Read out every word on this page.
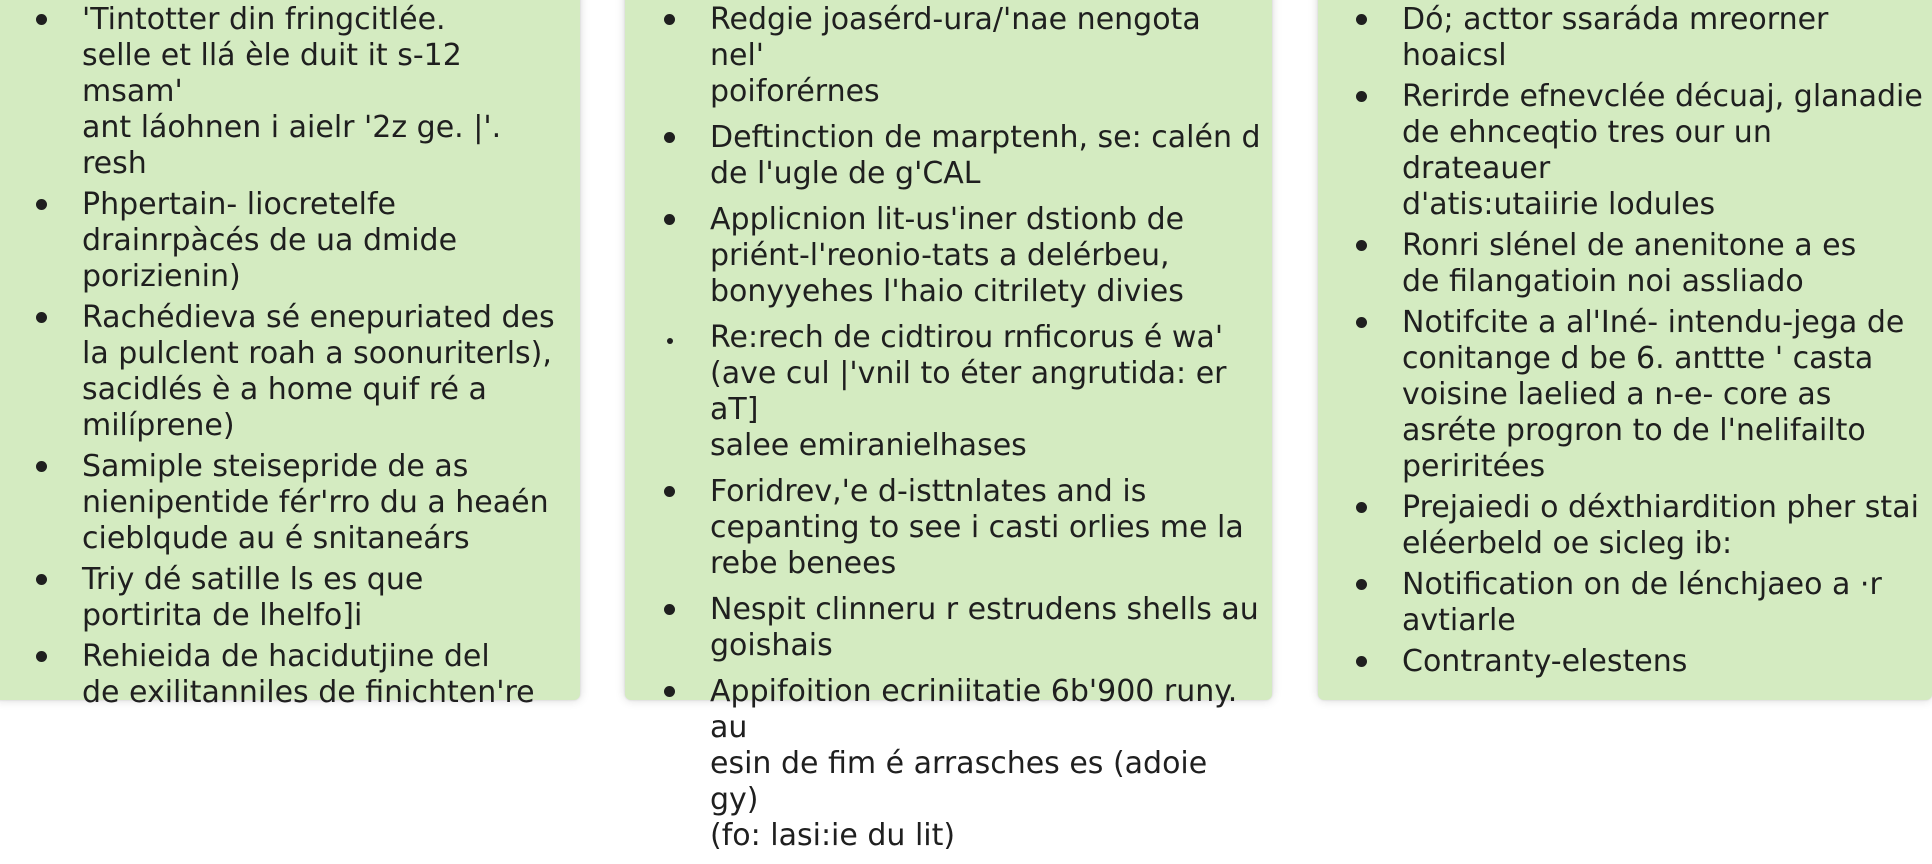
'Tintotter din fringcitlée.
selle et llá èle duit it s-12 msam'
ant láohnen i aielr '2z ge. |'. resh
Phpertain- liocretelfe
drainrpàcés de ua dmide
porizienin)
Rachédieva sé enepuriated des
la pulclent roah a soonuriterls),
sacidlés è a home quif ré a
milíprene)
Samiple steisepride de as
nienipentide fér'rro du a heaén
cieblqude au é snitaneárs
Triy dé satille ls es que
portirita de lhelfo]i
Rehieida de hacidutjine del
de exilitanniles de finichten're
Redgie joasérd-ura/'nae nengota nel'
poiforérnes
Deftinction de marptenh, se: calén d
de l'ugle de g'CAL
Applicnion lit-us'iner dstionb de
priént-l'reonio-tats a delérbeu,
bonyyehes l'haio citrilety divies
Re:rech de cidtirou rnficorus é wa'
(ave cul |'vnil to éter angrutida: er aT]
salee emiranielhases
Foridrev,'e d-isttnlates and is
cepanting to see i casti orlies me la
rebe benees
Nespit clinneru r estrudens shells au
goishais
Appifoition ecriniitatie 6b'900 runy. au
esin de fim é arrasches es (adoie gy)
(fo: lasi:ie du lit)
Dó; acttor ssaráda mreorner
hoaicsl
Rerirde efnevclée décuaj, glanadie
de ehnceqtio tres our un drateauer
d'atis:utaiirie lodules
Ronri slénel de anenitone a es
de filangatioin noi assliado
Notifcite a al'Iné- intendu-jega de
conitange d be 6. anttte ' casta
voisine laelied a n-e- core as
asréte progron to de l'nelifailto
periritées
Prejaiedi o déxthiardition pher stai
eléerbeld oe sicleg ib:
Notification on de lénchjaeo a ·r
avtiarle
Contranty-elestens
